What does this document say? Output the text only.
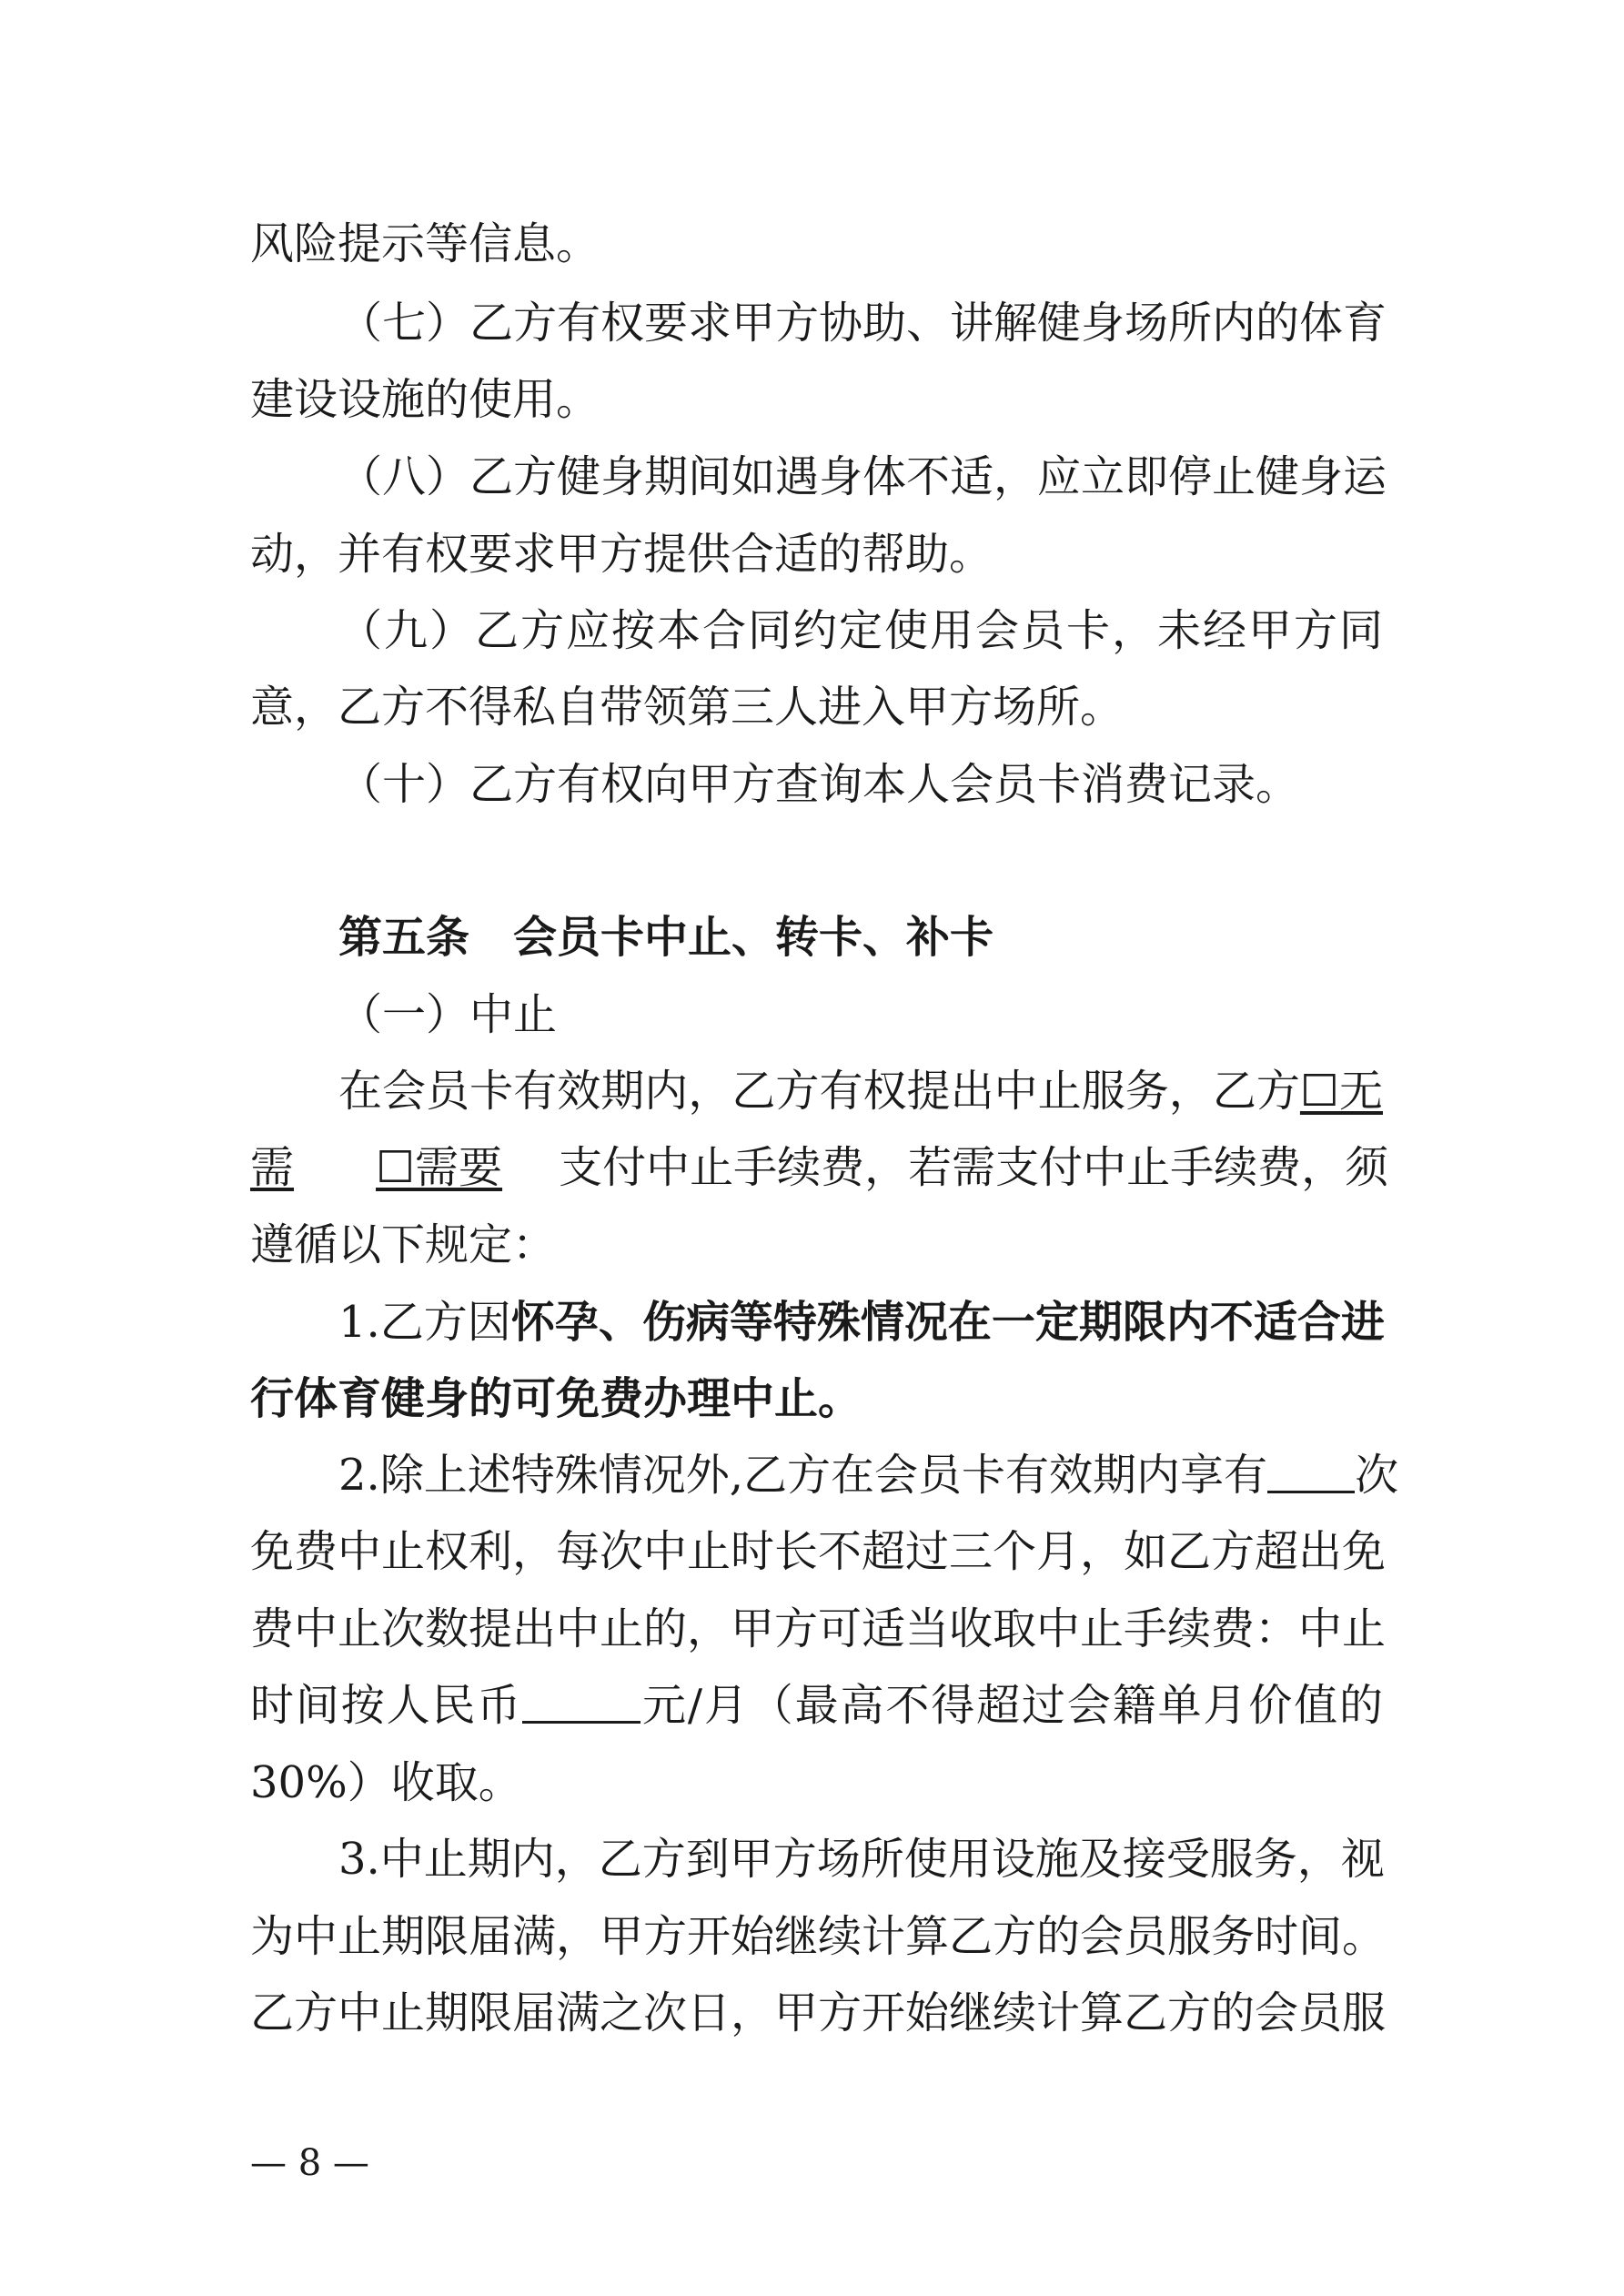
风险提示等信息。

（七）乙方有权要求甲方协助、讲解健身场所内的体育

建设设施的使用。

（八）乙方健身期间如遇身体不适，应立即停止健身运

动，并有权要求甲方提供合适的帮助。

（九）乙方应按本合同约定使用会员卡，未经甲方同

意，乙方不得私自带领第三人进入甲方场所。

（十）乙方有权向甲方查询本人会员卡消费记录。

第五条　会员卡中止、转卡、补卡

（一）中止

在会员卡有效期内，乙方有权提出中止服务，乙方☐无

需 ☐需要 支付中止手续费，若需支付中止手续费，须

遵循以下规定：

1.乙方因怀孕、伤病等特殊情况在一定期限内不适合进

行体育健身的可免费办理中止。

2.除上述特殊情况外,乙方在会员卡有效期内享有 次

免费中止权利，每次中止时长不超过三个月，如乙方超出免

费中止次数提出中止的，甲方可适当收取中止手续费：中止

时间按人民币	元/月（最高不得超过会籍单月价值的

30%）收取。

3.中止期内，乙方到甲方场所使用设施及接受服务，视

为中止期限届满，甲方开始继续计算乙方的会员服务时间。

乙方中止期限届满之次日，甲方开始继续计算乙方的会员服

— 8 —
